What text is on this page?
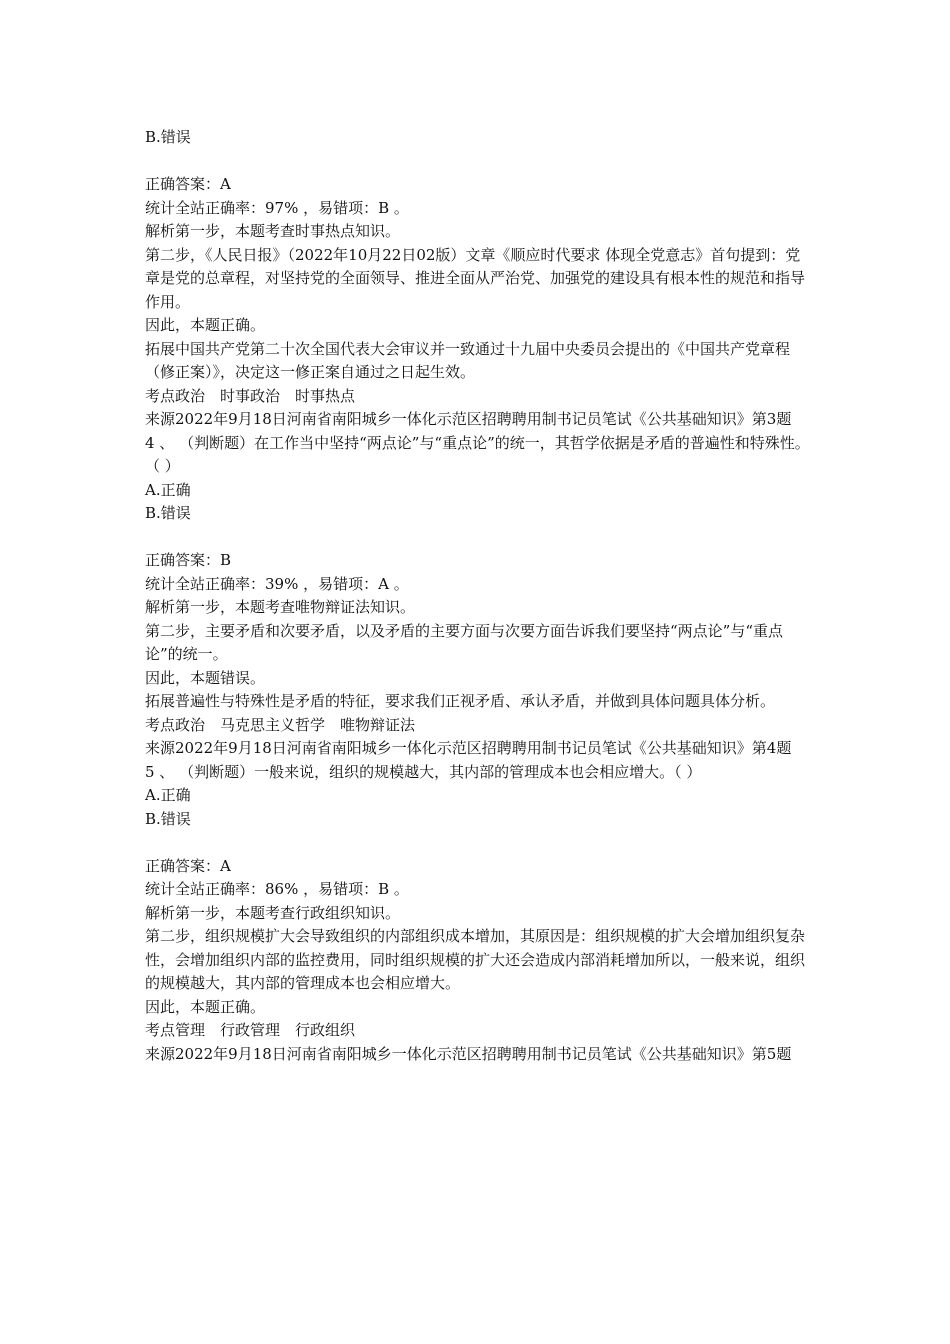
B.错误

正确答案：A

统计全站正确率：97% ，易错项：B 。

解析第一步，本题考查时事热点知识。

第二步，《人民日报》（2022年10月22日02版）文章《顺应时代要求 体现全党意志》首句提到：党章是党的总章程，对坚持党的全面领导、推进全面从严治党、加强党的建设具有根本性的规范和指导作用。

因此，本题正确。

拓展中国共产党第二十次全国代表大会审议并一致通过十九届中央委员会提出的《中国共产党章程（修正案）》，决定这一修正案自通过之日起生效。

考点政治　时事政治　时事热点

来源2022年9月18日河南省南阳城乡一体化示范区招聘聘用制书记员笔试《公共基础知识》第3题

4 、 （判断题）在工作当中坚持“两点论”与“重点论”的统一，其哲学依据是矛盾的普遍性和特殊性。（ ）

A.正确

B.错误

正确答案：B

统计全站正确率：39% ，易错项：A 。

解析第一步，本题考查唯物辩证法知识。

第二步，主要矛盾和次要矛盾，以及矛盾的主要方面与次要方面告诉我们要坚持“两点论”与“重点论”的统一。

因此，本题错误。

拓展普遍性与特殊性是矛盾的特征，要求我们正视矛盾、承认矛盾，并做到具体问题具体分析。

考点政治　马克思主义哲学　唯物辩证法

来源2022年9月18日河南省南阳城乡一体化示范区招聘聘用制书记员笔试《公共基础知识》第4题

5 、 （判断题）一般来说，组织的规模越大，其内部的管理成本也会相应增大。（ ）

A.正确

B.错误

正确答案：A

统计全站正确率：86% ，易错项：B 。

解析第一步，本题考查行政组织知识。

第二步，组织规模扩大会导致组织的内部组织成本增加，其原因是：组织规模的扩大会增加组织复杂性，会增加组织内部的监控费用，同时组织规模的扩大还会造成内部消耗增加所以，一般来说，组织的规模越大，其内部的管理成本也会相应增大。

因此，本题正确。

考点管理　行政管理　行政组织

来源2022年9月18日河南省南阳城乡一体化示范区招聘聘用制书记员笔试《公共基础知识》第5题
